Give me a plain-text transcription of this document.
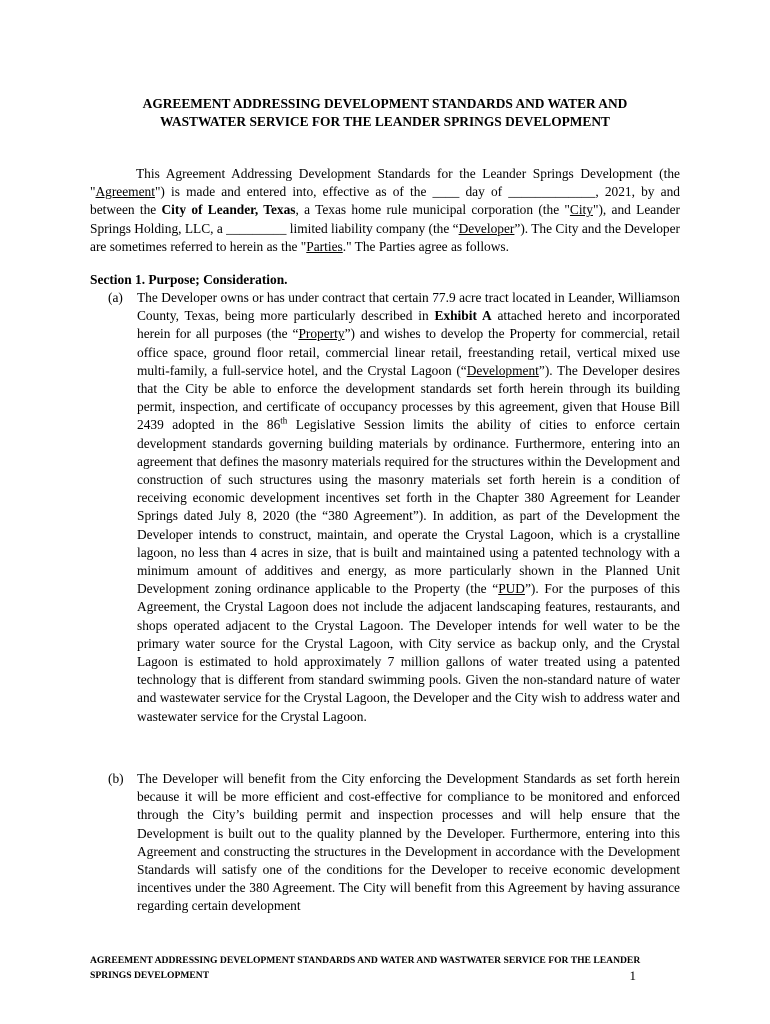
AGREEMENT ADDRESSING DEVELOPMENT STANDARDS AND WATER AND
WASTWATER SERVICE FOR THE LEANDER SPRINGS DEVELOPMENT

This Agreement Addressing Development Standards for the Leander Springs Development (the "Agreement") is made and entered into, effective as of the ____ day of _____________, 2021, by and between the City of Leander, Texas, a Texas home rule municipal corporation (the "City"), and Leander Springs Holding, LLC, a _________ limited liability company (the “Developer”). The City and the Developer are sometimes referred to herein as the "Parties." The Parties agree as follows.

Section 1. Purpose; Consideration.
(a) The Developer owns or has under contract that certain 77.9 acre tract located in Leander, Williamson County, Texas, being more particularly described in Exhibit A attached hereto and incorporated herein for all purposes (the “Property”) and wishes to develop the Property for commercial, retail office space, ground floor retail, commercial linear retail, freestanding retail, vertical mixed use multi-family, a full-service hotel, and the Crystal Lagoon (“Development”). The Developer desires that the City be able to enforce the development standards set forth herein through its building permit, inspection, and certificate of occupancy processes by this agreement, given that House Bill 2439 adopted in the 86th Legislative Session limits the ability of cities to enforce certain development standards governing building materials by ordinance. Furthermore, entering into an agreement that defines the masonry materials required for the structures within the Development and construction of such structures using the masonry materials set forth herein is a condition of receiving economic development incentives set forth in the Chapter 380 Agreement for Leander Springs dated July 8, 2020 (the “380 Agreement”). In addition, as part of the Development the Developer intends to construct, maintain, and operate the Crystal Lagoon, which is a crystalline lagoon, no less than 4 acres in size, that is built and maintained using a patented technology with a minimum amount of additives and energy, as more particularly shown in the Planned Unit Development zoning ordinance applicable to the Property (the “PUD”). For the purposes of this Agreement, the Crystal Lagoon does not include the adjacent landscaping features, restaurants, and shops operated adjacent to the Crystal Lagoon. The Developer intends for well water to be the primary water source for the Crystal Lagoon, with City service as backup only, and the Crystal Lagoon is estimated to hold approximately 7 million gallons of water treated using a patented technology that is different from standard swimming pools. Given the non-standard nature of water and wastewater service for the Crystal Lagoon, the Developer and the City wish to address water and wastewater service for the Crystal Lagoon.
(b) The Developer will benefit from the City enforcing the Development Standards as set forth herein because it will be more efficient and cost-effective for compliance to be monitored and enforced through the City’s building permit and inspection processes and will help ensure that the Development is built out to the quality planned by the Developer. Furthermore, entering into this Agreement and constructing the structures in the Development in accordance with the Development Standards will satisfy one of the conditions for the Developer to receive economic development incentives under the 380 Agreement. The City will benefit from this Agreement by having assurance regarding certain development
AGREEMENT ADDRESSING DEVELOPMENT STANDARDS AND WATER AND WASTWATER SERVICE FOR THE LEANDER
SPRINGS DEVELOPMENT	1
